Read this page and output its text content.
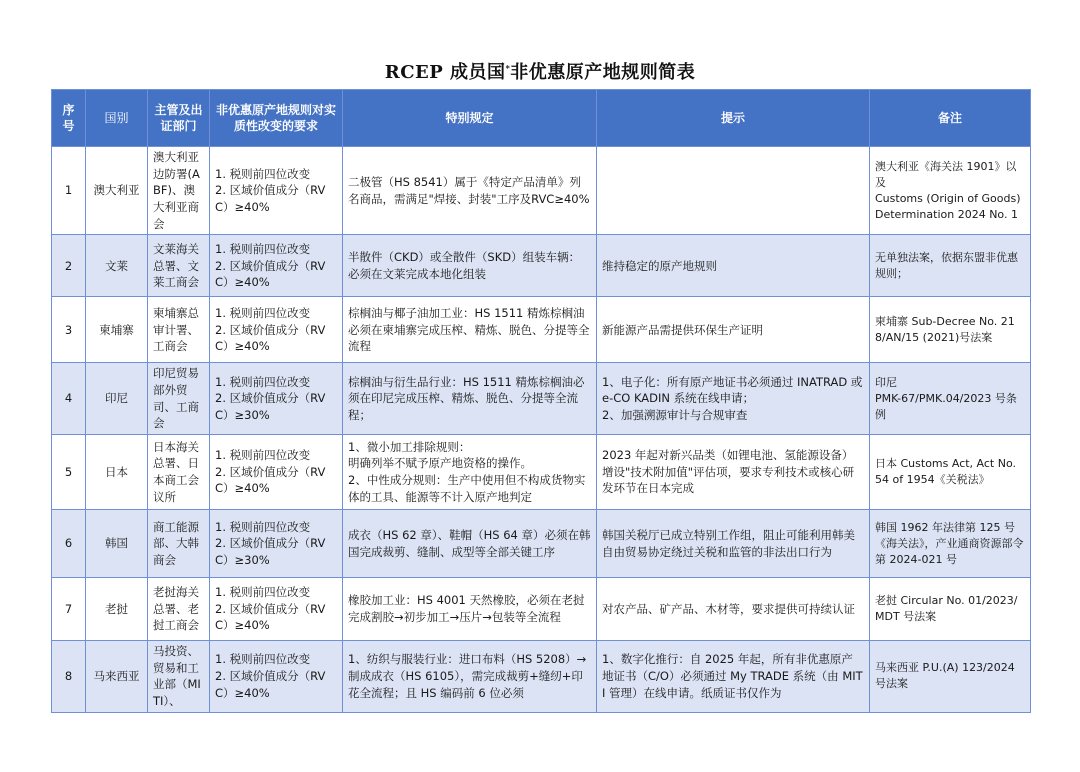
RCEP 成员国*非优惠原产地规则简表
序号	国别	主管及出证部门	非优惠原产地规则对实质性改变的要求	特别规定	提示	备注
1	澳大利亚	澳大利亚边防署(ABF)、澳大利亚商会	1. 税则前四位改变
2. 区域价值成分（RVC）≥40%	二极管（HS 8541）属于《特定产品清单》列名商品，需满足"焊接、封装"工序及RVC≥40%		澳大利亚《海关法 1901》以及
Customs (Origin of Goods) Determination 2024 No. 1
2	文莱	文莱海关总署、文莱工商会	1. 税则前四位改变
2. 区域价值成分（RVC）≥40%	半散件（CKD）或全散件（SKD）组装车辆：必须在文莱完成本地化组装	维持稳定的原产地规则	无单独法案，依据东盟非优惠规则；
3	柬埔寨	柬埔寨总审计署、工商会	1. 税则前四位改变
2. 区域价值成分（RVC）≥40%	棕榈油与椰子油加工业：HS 1511 精炼棕榈油必须在柬埔寨完成压榨、精炼、脱色、分提等全流程	新能源产品需提供环保生产证明	柬埔寨 Sub-Decree No. 218/AN/15 (2021)号法案
4	印尼	印尼贸易部外贸司、工商会	1. 税则前四位改变
2. 区域价值成分（RVC）≥30%	棕榈油与衍生品行业：HS 1511 精炼棕榈油必须在印尼完成压榨、精炼、脱色、分提等全流程；	1、电子化：所有原产地证书必须通过 INATRAD 或 e-CO KADIN 系统在线申请；
2、加强溯源审计与合规审查	印尼
PMK-67/PMK.04/2023 号条例
5	日本	日本海关总署、日本商工会议所	1. 税则前四位改变
2. 区域价值成分（RVC）≥40%	1、微小加工排除规则：
明确列举不赋予原产地资格的操作。
2、中性成分规则：生产中使用但不构成货物实体的工具、能源等不计入原产地判定	2023 年起对新兴品类（如锂电池、氢能源设备）增设"技术附加值"评估项，要求专利技术或核心研发环节在日本完成	日本 Customs Act, Act No. 54 of 1954《关税法》
6	韩国	商工能源部、大韩商会	1. 税则前四位改变
2. 区域价值成分（RVC）≥30%	成衣（HS 62 章）、鞋帽（HS 64 章）必须在韩国完成裁剪、缝制、成型等全部关键工序	韩国关税厅已成立特别工作组，阻止可能利用韩美自由贸易协定绕过关税和监管的非法出口行为	韩国 1962 年法律第 125 号《海关法》，产业通商资源部令第 2024-021 号
7	老挝	老挝海关总署、老挝工商会	1. 税则前四位改变
2. 区域价值成分（RVC）≥40%	橡胶加工业：HS 4001 天然橡胶，必须在老挝完成割胶→初步加工→压片→包装等全流程	对农产品、矿产品、木材等，要求提供可持续认证	老挝 Circular No. 01/2023/MDT 号法案
8	马来西亚	马投资、贸易和工业部（MITI）、	1. 税则前四位改变
2. 区域价值成分（RVC）≥40%	1、纺织与服装行业：进口布料（HS 5208）→ 制成成衣（HS 6105），需完成裁剪+缝纫+印花全流程；且 HS 编码前 6 位必须	1、数字化推行：自 2025 年起，所有非优惠原产地证书（C/O）必须通过 My TRADE 系统（由 MITI 管理）在线申请。纸质证书仅作为	马来西亚 P.U.(A) 123/2024 号法案
